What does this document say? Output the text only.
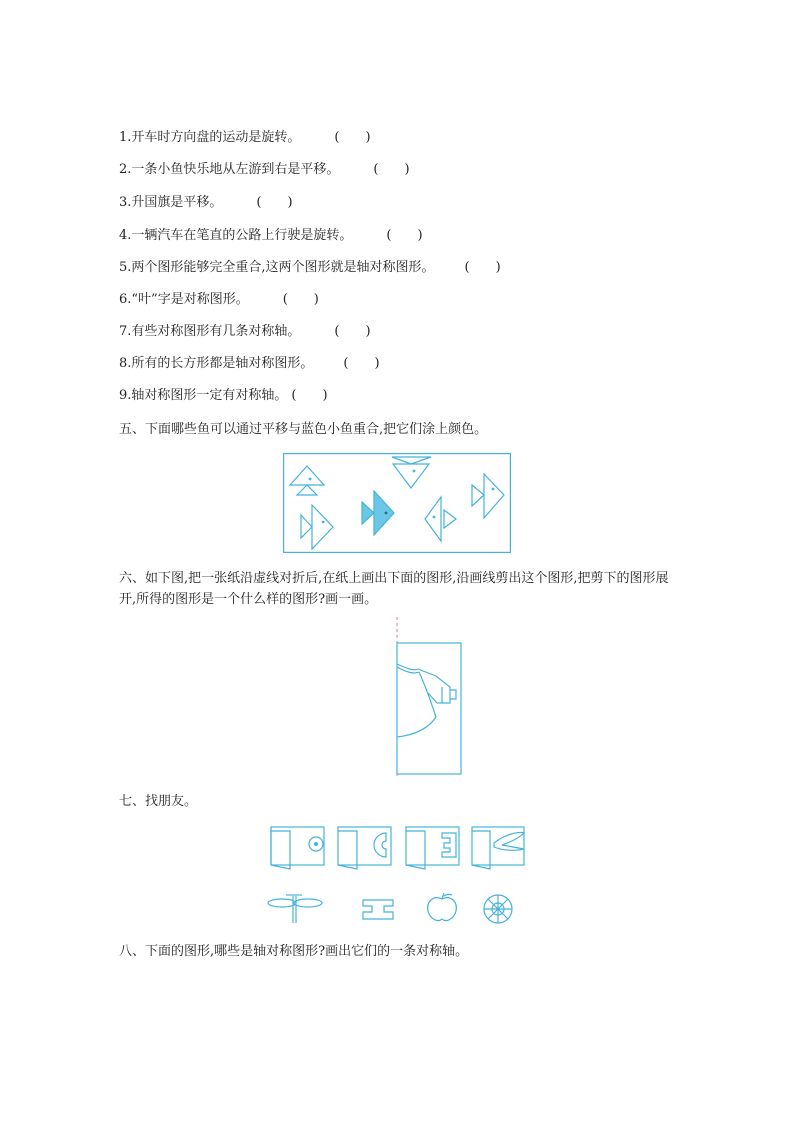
1.开车时方向盘的运动是旋转。	(　　)
2.一条小鱼快乐地从左游到右是平移。	(　　)
3.升国旗是平移。	(　　)
4.一辆汽车在笔直的公路上行驶是旋转。	(　　)
5.两个图形能够完全重合,这两个图形就是轴对称图形。 (　　)
6.“叶”字是对称图形。	(　　)
7.有些对称图形有几条对称轴。	(　　)
8.所有的长方形都是轴对称图形。 (　　)
9.轴对称图形一定有对称轴。 (　　)
五、下面哪些鱼可以通过平移与蓝色小鱼重合,把它们涂上颜色。
六、如下图,把一张纸沿虚线对折后,在纸上画出下面的图形,沿画线剪出这个图形,把剪下的图形展开,所得的图形是一个什么样的图形?画一画。
七、找朋友。
八、下面的图形,哪些是轴对称图形?画出它们的一条对称轴。
